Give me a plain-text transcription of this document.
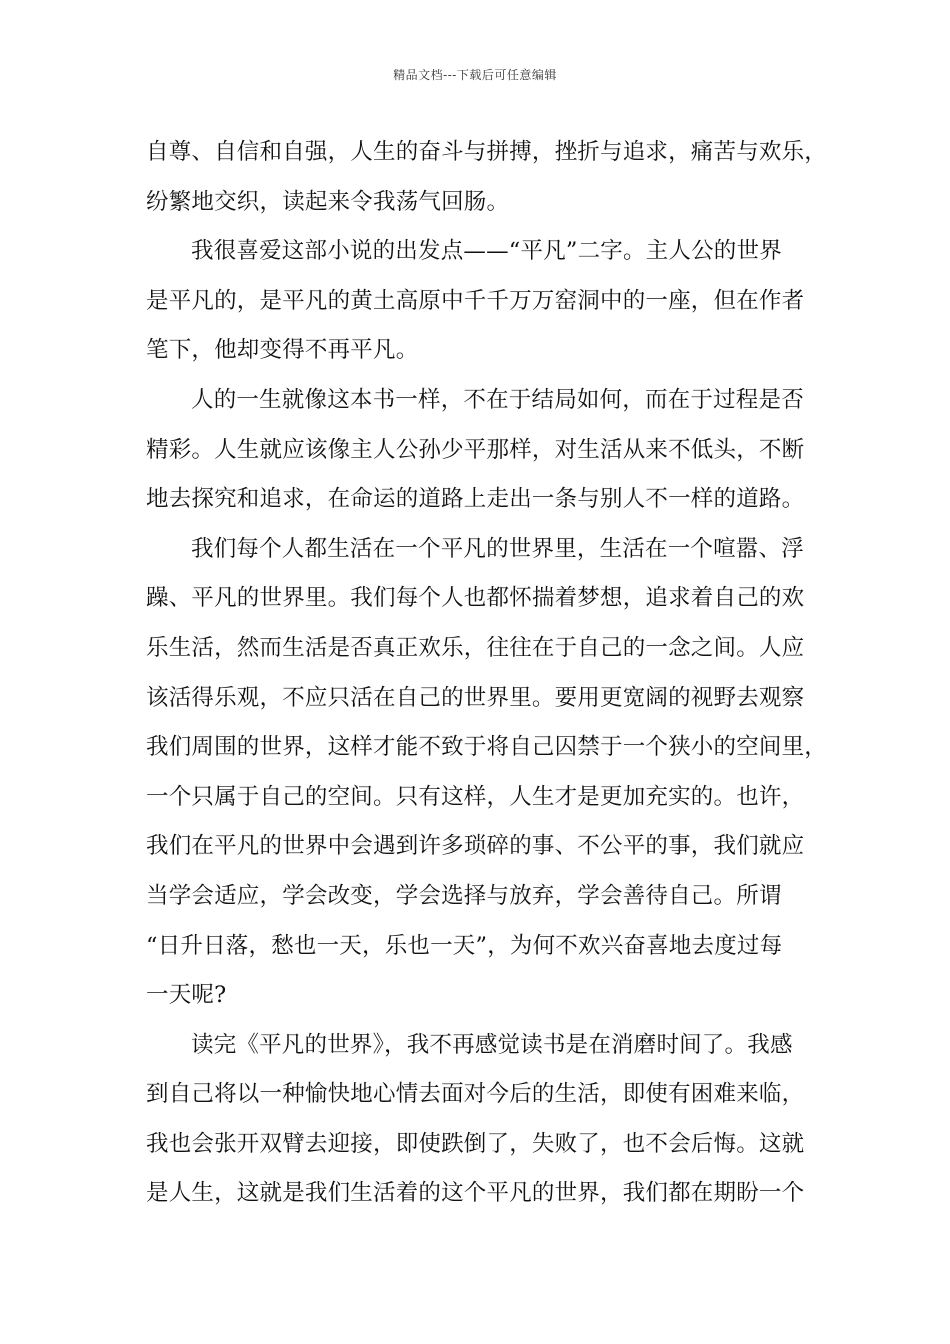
精品文档---下载后可任意编辑
自尊、自信和自强，人生的奋斗与拼搏，挫折与追求，痛苦与欢乐，
纷繁地交织，读起来令我荡气回肠。
我很喜爱这部小说的出发点——“平凡”二字。主人公的世界
是平凡的，是平凡的黄土高原中千千万万窑洞中的一座，但在作者
笔下，他却变得不再平凡。
人的一生就像这本书一样，不在于结局如何，而在于过程是否
精彩。人生就应该像主人公孙少平那样，对生活从来不低头，不断
地去探究和追求，在命运的道路上走出一条与别人不一样的道路。
我们每个人都生活在一个平凡的世界里，生活在一个喧嚣、浮
躁、平凡的世界里。我们每个人也都怀揣着梦想，追求着自己的欢
乐生活，然而生活是否真正欢乐，往往在于自己的一念之间。人应
该活得乐观，不应只活在自己的世界里。要用更宽阔的视野去观察
我们周围的世界，这样才能不致于将自己囚禁于一个狭小的空间里，
一个只属于自己的空间。只有这样，人生才是更加充实的。也许，
我们在平凡的世界中会遇到许多琐碎的事、不公平的事，我们就应
当学会适应，学会改变，学会选择与放弃，学会善待自己。所谓
“日升日落，愁也一天，乐也一天”，为何不欢兴奋喜地去度过每
一天呢?
读完《平凡的世界》，我不再感觉读书是在消磨时间了。我感
到自己将以一种愉快地心情去面对今后的生活，即使有困难来临，
我也会张开双臂去迎接，即使跌倒了，失败了，也不会后悔。这就
是人生，这就是我们生活着的这个平凡的世界，我们都在期盼一个
